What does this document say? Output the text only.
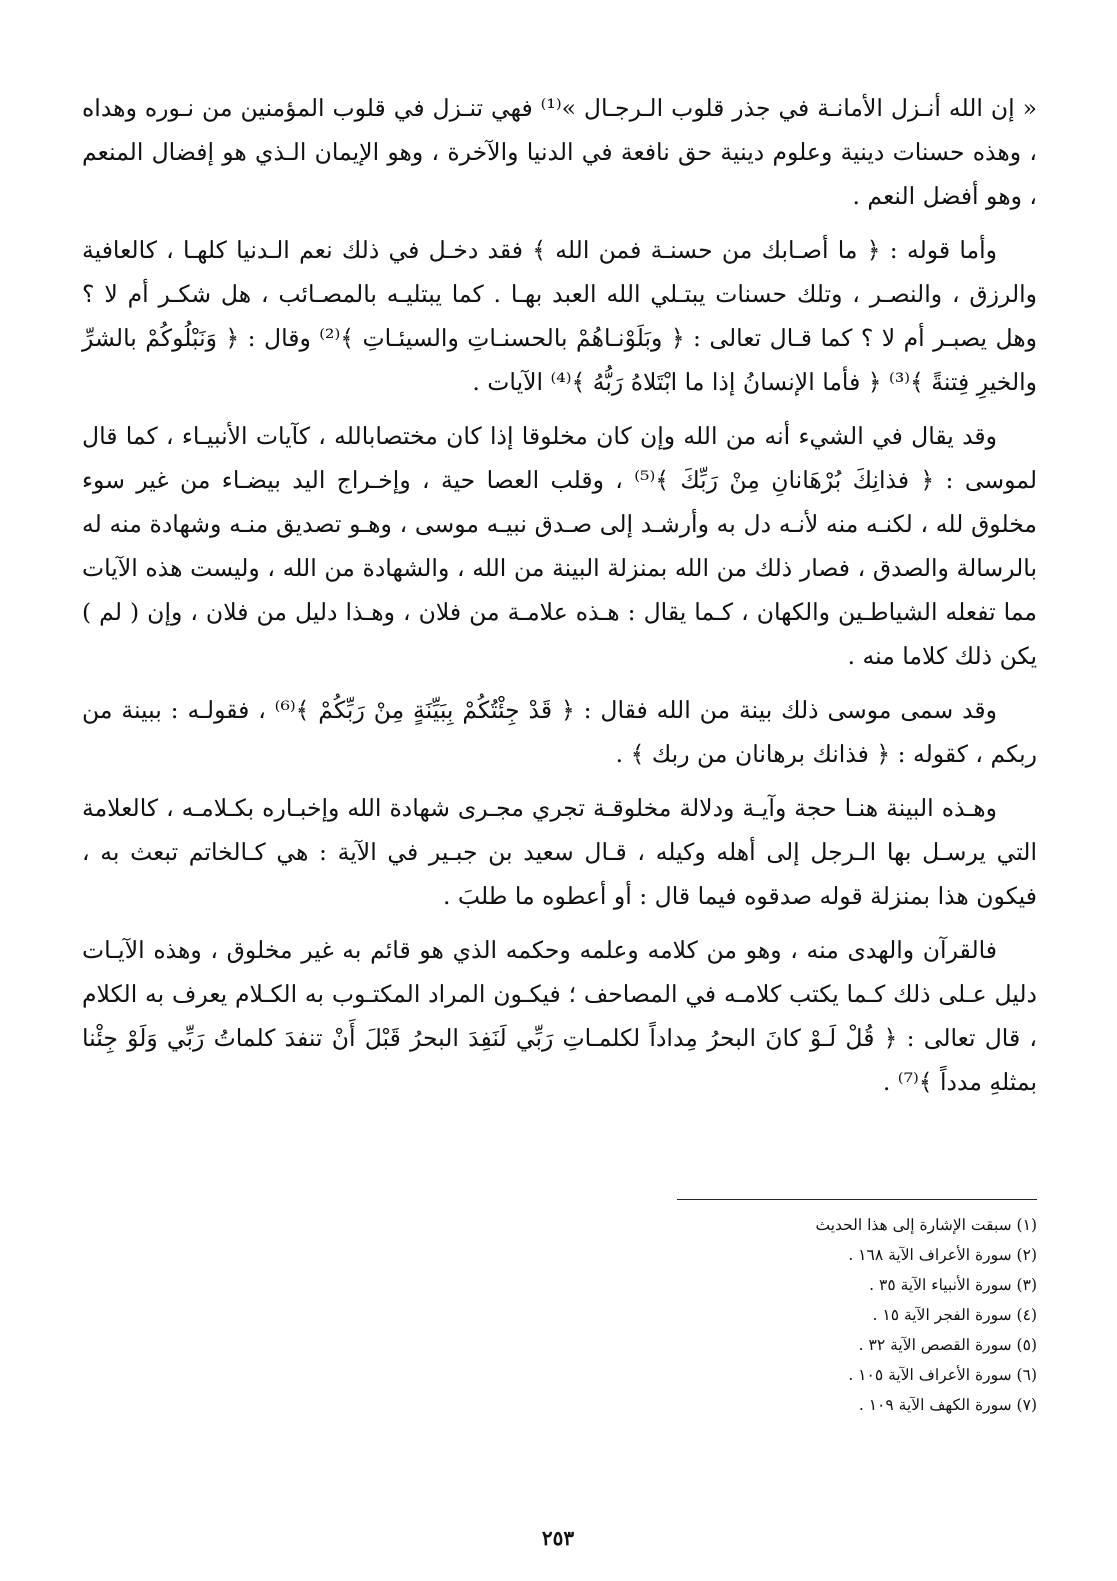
« إن الله أنـزل الأمانـة في جذر قلوب الـرجـال »⁽¹⁾ فهي تنـزل في قلوب المؤمنين من نـوره وهداه ، وهذه حسنات دينية وعلوم دينية حق نافعة في الدنيا والآخرة ، وهو الإيمان الـذي هو إفضال المنعم ، وهو أفضل النعم .

وأما قوله : ﴿ ما أصـابك من حسنـة فمن الله ﴾ فقد دخـل في ذلك نعم الـدنيا كلهـا ، كالعافية والرزق ، والنصـر ، وتلك حسنات يبتـلي الله العبد بهـا . كما يبتليـه بالمصـائب ، هل شكـر أم لا ؟ وهل يصبـر أم لا ؟ كما قـال تعالى : ﴿ وبَلَوْنـاهُمْ بالحسنـاتِ والسيئـاتِ ﴾⁽²⁾ وقال : ﴿ وَنَبْلُوكُمْ بالشرِّ والخيرِ فِتنةً ﴾⁽³⁾ ﴿ فأما الإنسانُ إذا ما ابْتَلاهُ رَبُّهُ ﴾⁽⁴⁾ الآيات .

وقد يقال في الشيء أنه من الله وإن كان مخلوقا إذا كان مختصابالله ، كآيات الأنبيـاء ، كما قال لموسى : ﴿ فذانِكَ بُرْهَانانِ مِنْ رَبِّكَ ﴾⁽⁵⁾ ، وقلب العصا حية ، وإخـراج اليد بيضـاء من غير سوء مخلوق لله ، لكنـه منه لأنـه دل به وأرشـد إلى صـدق نبيـه موسى ، وهـو تصديق منـه وشهادة منه له بالرسالة والصدق ، فصار ذلك من الله بمنزلة البينة من الله ، والشهادة من الله ، وليست هذه الآيات مما تفعله الشياطـين والكهان ، كـما يقال : هـذه علامـة من فلان ، وهـذا دليل من فلان ، وإن ( لم ) يكن ذلك كلاما منه .

وقد سمى موسى ذلك بينة من الله فقال : ﴿ قَدْ جِئْتُكُمْ بِبَيِّنَةٍ مِنْ رَبِّكُمْ ﴾⁽⁶⁾ ، فقولـه : ببينة من ربكم ، كقوله : ﴿ فذانك برهانان من ربك ﴾ .

وهـذه البينة هنـا حجة وآيـة ودلالة مخلوقـة تجري مجـرى شهادة الله وإخبـاره بكـلامـه ، كالعلامة التي يرسـل بها الـرجل إلى أهله وكيله ، قـال سعيد بن جبـير في الآية : هي كـالخاتم تبعث به ، فيكون هذا بمنزلة قوله صدقوه فيما قال : أو أعطوه ما طلبَ .

فالقرآن والهدى منه ، وهو من كلامه وعلمه وحكمه الذي هو قائم به غير مخلوق ، وهذه الآيـات دليل عـلى ذلك كـما يكتب كلامـه في المصاحف ؛ فيكـون المراد المكتـوب به الكـلام يعرف به الكلام ، قال تعالى : ﴿ قُلْ لَـوْ كانَ البحرُ مِداداً لكلمـاتِ رَبِّي لَنَفِدَ البحرُ قَبْلَ أَنْ تنفدَ كلماتُ رَبِّي وَلَوْ جِئْنا بمثلهِ مدداً ﴾⁽⁷⁾ .

(١) سبقت الإشارة إلى هذا الحديث
(٢) سورة الأعراف الآية ١٦٨ .
(٣) سورة الأنبياء الآية ٣٥ .
(٤) سورة الفجر الآية ١٥ .
(٥) سورة القصص الآية ٣٢ .
(٦) سورة الأعراف الآية ١٠٥ .
(٧) سورة الكهف الآية ١٠٩ .
٢٥٣
